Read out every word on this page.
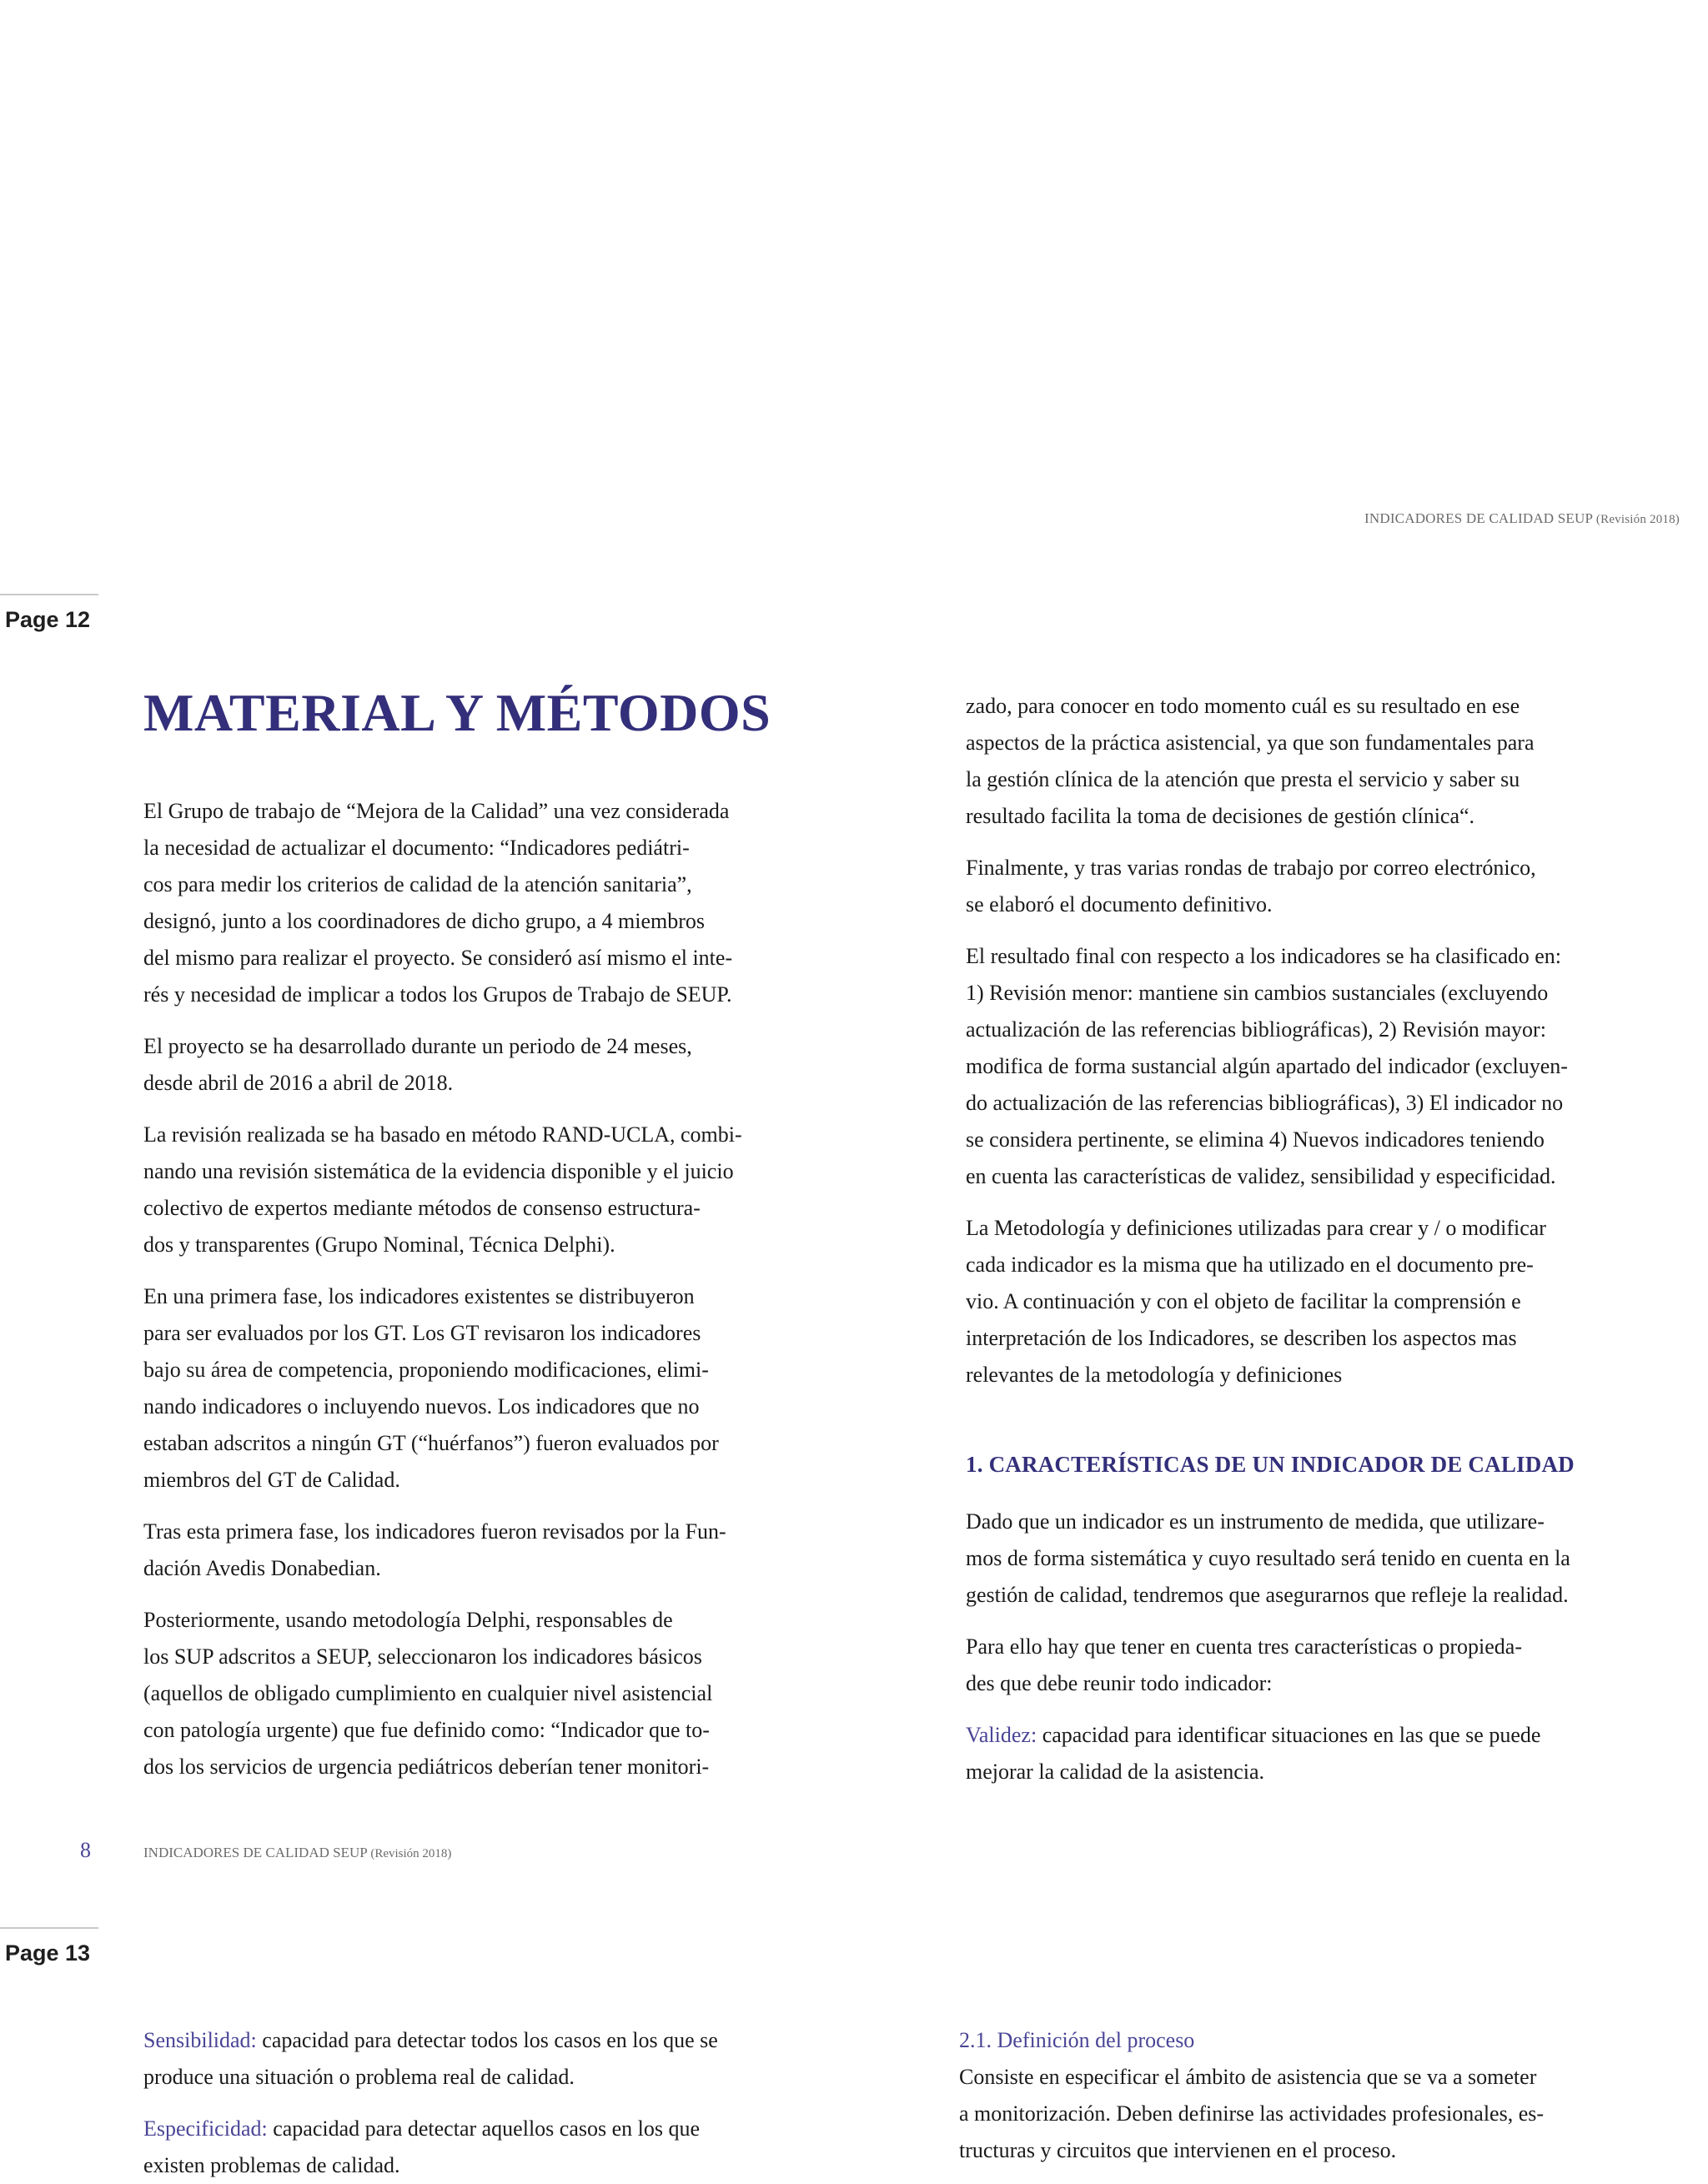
INDICADORES DE CALIDAD SEUP (Revisión 2018)
Page 12
MATERIAL Y MÉTODOS

El Grupo de trabajo de “Mejora de la Calidad” una vez considerada
la necesidad de actualizar el documento: “Indicadores pediátri-
cos para medir los criterios de calidad de la atención sanitaria”,
designó, junto a los coordinadores de dicho grupo, a 4 miembros
del mismo para realizar el proyecto. Se consideró así mismo el inte-
rés y necesidad de implicar a todos los Grupos de Trabajo de SEUP.

El proyecto se ha desarrollado durante un periodo de 24 meses,
desde abril de 2016 a abril de 2018.

La revisión realizada se ha basado en método RAND-UCLA, combi-
nando una revisión sistemática de la evidencia disponible y el juicio
colectivo de expertos mediante métodos de consenso estructura-
dos y transparentes (Grupo Nominal, Técnica Delphi).

En una primera fase, los indicadores existentes se distribuyeron
para ser evaluados por los GT. Los GT revisaron los indicadores
bajo su área de competencia, proponiendo modificaciones, elimi-
nando indicadores o incluyendo nuevos. Los indicadores que no
estaban adscritos a ningún GT (“huérfanos”) fueron evaluados por
miembros del GT de Calidad.

Tras esta primera fase, los indicadores fueron revisados por la Fun-
dación Avedis Donabedian.

Posteriormente, usando metodología Delphi, responsables de
los SUP adscritos a SEUP, seleccionaron los indicadores básicos
(aquellos de obligado cumplimiento en cualquier nivel asistencial
con patología urgente) que fue definido como: “Indicador que to-
dos los servicios de urgencia pediátricos deberían tener monitori-

zado, para conocer en todo momento cuál es su resultado en ese
aspectos de la práctica asistencial, ya que son fundamentales para
la gestión clínica de la atención que presta el servicio y saber su
resultado facilita la toma de decisiones de gestión clínica“.

Finalmente, y tras varias rondas de trabajo por correo electrónico,
se elaboró el documento definitivo.

El resultado final con respecto a los indicadores se ha clasificado en:
1) Revisión menor: mantiene sin cambios sustanciales (excluyendo
actualización de las referencias bibliográficas), 2) Revisión mayor:
modifica de forma sustancial algún apartado del indicador (excluyen-
do actualización de las referencias bibliográficas), 3) El indicador no
se considera pertinente, se elimina 4) Nuevos indicadores teniendo
en cuenta las características de validez, sensibilidad y especificidad.

La Metodología y definiciones utilizadas para crear y / o modificar
cada indicador es la misma que ha utilizado en el documento pre-
vio. A continuación y con el objeto de facilitar la comprensión e
interpretación de los Indicadores, se describen los aspectos mas
relevantes de la metodología y definiciones

1. CARACTERÍSTICAS DE UN INDICADOR DE CALIDAD

Dado que un indicador es un instrumento de medida, que utilizare-
mos de forma sistemática y cuyo resultado será tenido en cuenta en la
gestión de calidad, tendremos que asegurarnos que refleje la realidad.

Para ello hay que tener en cuenta tres características o propieda-
des que debe reunir todo indicador:

Validez: capacidad para identificar situaciones en las que se puede
mejorar la calidad de la asistencia.

8	INDICADORES DE CALIDAD SEUP (Revisión 2018)
Page 13

Sensibilidad: capacidad para detectar todos los casos en los que se
produce una situación o problema real de calidad.

Especificidad: capacidad para detectar aquellos casos en los que
existen problemas de calidad.

2.1. Definición del proceso
Consiste en especificar el ámbito de asistencia que se va a someter
a monitorización. Deben definirse las actividades profesionales, es-
tructuras y circuitos que intervienen en el proceso.
